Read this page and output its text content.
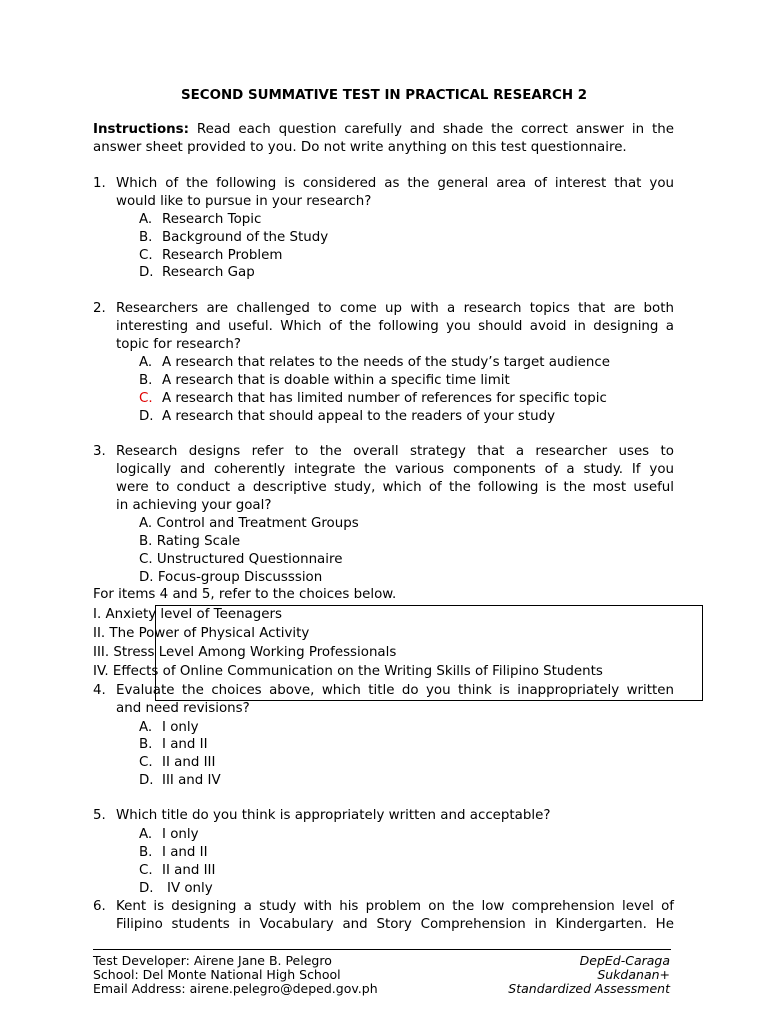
SECOND SUMMATIVE TEST IN PRACTICAL RESEARCH 2
Instructions: Read each question carefully and shade the correct answer in the
answer sheet provided to you. Do not write anything on this test questionnaire.
1. Which of the following is considered as the general area of interest that you
would like to pursue in your research?
A. Research Topic
B. Background of the Study
C. Research Problem
D. Research Gap
2. Researchers are challenged to come up with a research topics that are both
interesting and useful. Which of the following you should avoid in designing a
topic for research?
A. A research that relates to the needs of the study’s target audience
B. A research that is doable within a specific time limit
C. A research that has limited number of references for specific topic
D. A research that should appeal to the readers of your study
3. Research designs refer to the overall strategy that a researcher uses to
logically and coherently integrate the various components of a study. If you
were to conduct a descriptive study, which of the following is the most useful
in achieving your goal?
A. Control and Treatment Groups
B. Rating Scale
C. Unstructured Questionnaire
D. Focus-group Discusssion
For items 4 and 5, refer to the choices below.
I. Anxiety level of Teenagers
II. The Power of Physical Activity
III. Stress Level Among Working Professionals
IV. Effects of Online Communication on the Writing Skills of Filipino Students
4. Evaluate the choices above, which title do you think is inappropriately written
and need revisions?
A. I only
B. I and II
C. II and III
D. III and IV
5. Which title do you think is appropriately written and acceptable?
A. I only
B. I and II
C. II and III
D. IV only
6. Kent is designing a study with his problem on the low comprehension level of
Filipino students in Vocabulary and Story Comprehension in Kindergarten. He
Test Developer: Airene Jane B. Pelegro
School: Del Monte National High School
Email Address: airene.pelegro@deped.gov.ph
DepEd-Caraga
Sukdanan+
Standardized Assessment
